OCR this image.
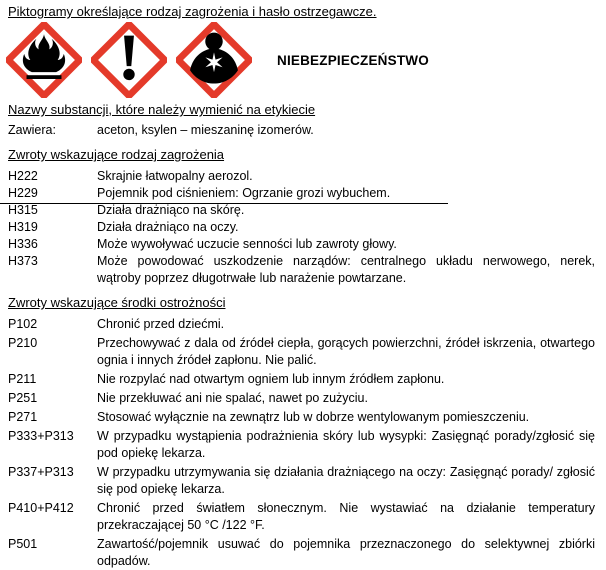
Piktogramy określające rodzaj zagrożenia i hasło ostrzegawcze.
NIEBEZPIECZEŃSTWO
Nazwy substancji, które należy wymienić na etykiecie
Zawiera:	aceton, ksylen – mieszaninę izomerów.
Zwroty wskazujące rodzaj zagrożenia
H222	Skrajnie łatwopalny aerozol.
H229	Pojemnik pod ciśnieniem: Ogrzanie grozi wybuchem.
H315	Działa drażniąco na skórę.
H319	Działa drażniąco na oczy.
H336	Może wywoływać uczucie senności lub zawroty głowy.
H373	Może powodować uszkodzenie narządów: centralnego układu nerwowego, nerek, wątroby poprzez długotrwałe lub narażenie powtarzane.
Zwroty wskazujące środki ostrożności
P102	Chronić przed dziećmi.
P210	Przechowywać z dala od źródeł ciepła, gorących powierzchni, źródeł iskrzenia, otwartego ognia i innych źródeł zapłonu. Nie palić.
P211	Nie rozpylać nad otwartym ogniem lub innym źródłem zapłonu.
P251	Nie przekłuwać ani nie spalać, nawet po zużyciu.
P271	Stosować wyłącznie na zewnątrz lub w dobrze wentylowanym pomieszczeniu.
P333+P313	W przypadku wystąpienia podrażnienia skóry lub wysypki: Zasięgnąć porady/zgłosić się pod opiekę lekarza.
P337+P313	W przypadku utrzymywania się działania drażniącego na oczy: Zasięgnąć porady/ zgłosić się pod opiekę lekarza.
P410+P412	Chronić przed światłem słonecznym. Nie wystawiać na działanie temperatury przekraczającej 50 °C /122 °F.
P501	Zawartość/pojemnik usuwać do pojemnika przeznaczonego do selektywnej zbiórki odpadów.
